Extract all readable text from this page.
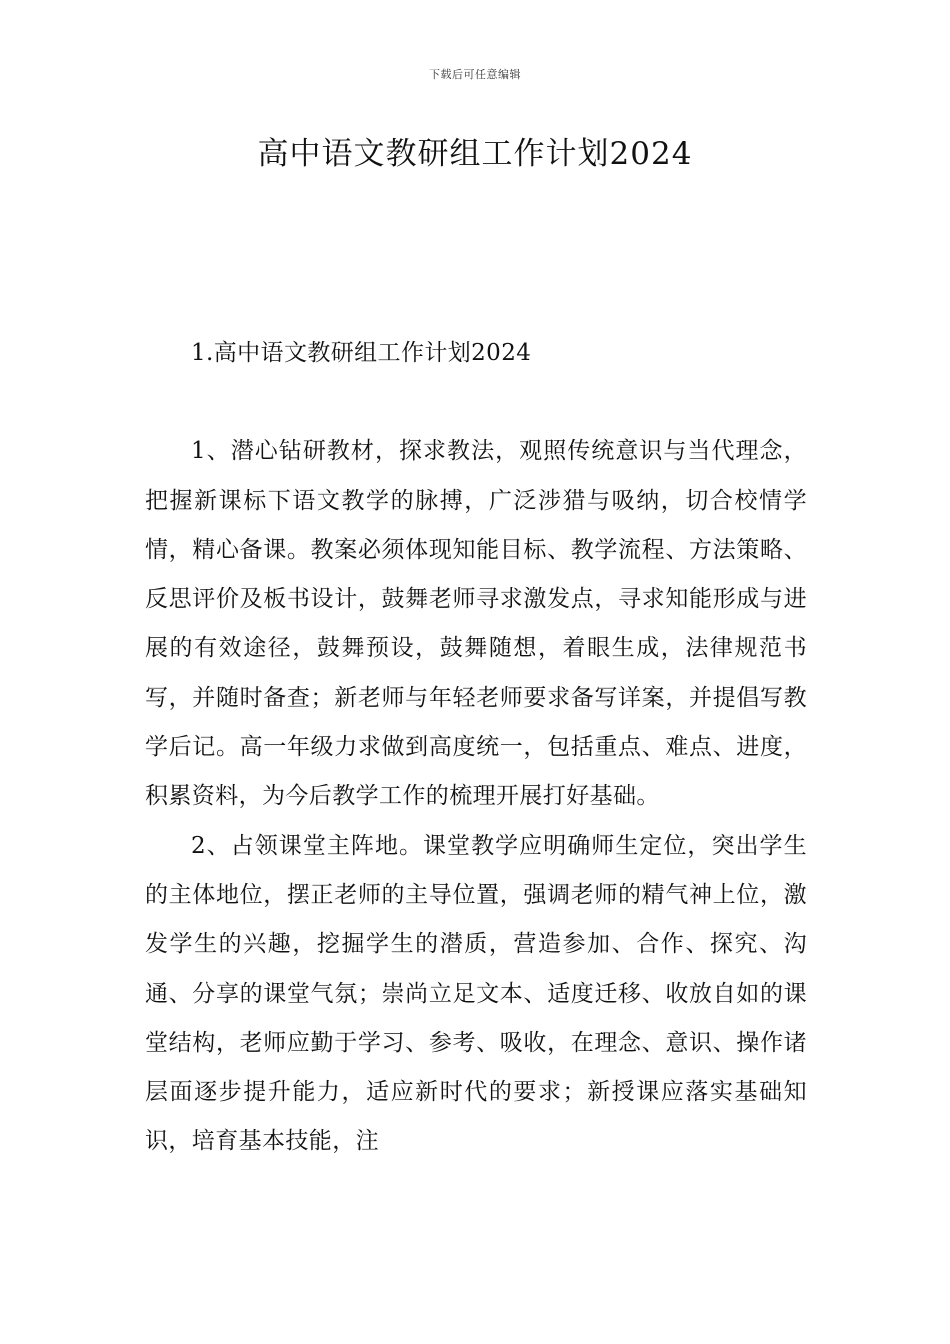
下载后可任意编辑
高中语文教研组工作计划2024

1.高中语文教研组工作计划2024

1、潜心钻研教材，探求教法，观照传统意识与当代理念，把握新课标下语文教学的脉搏，广泛涉猎与吸纳，切合校情学情，精心备课。教案必须体现知能目标、教学流程、方法策略、反思评价及板书设计，鼓舞老师寻求激发点，寻求知能形成与进展的有效途径，鼓舞预设，鼓舞随想，着眼生成，法律规范书写，并随时备查；新老师与年轻老师要求备写详案，并提倡写教学后记。高一年级力求做到高度统一，包括重点、难点、进度，积累资料，为今后教学工作的梳理开展打好基础。

2、占领课堂主阵地。课堂教学应明确师生定位，突出学生的主体地位，摆正老师的主导位置，强调老师的精气神上位，激发学生的兴趣，挖掘学生的潜质，营造参加、合作、探究、沟通、分享的课堂气氛；崇尚立足文本、适度迁移、收放自如的课堂结构，老师应勤于学习、参考、吸收，在理念、意识、操作诸层面逐步提升能力，适应新时代的要求；新授课应落实基础知识，培育基本技能，注
